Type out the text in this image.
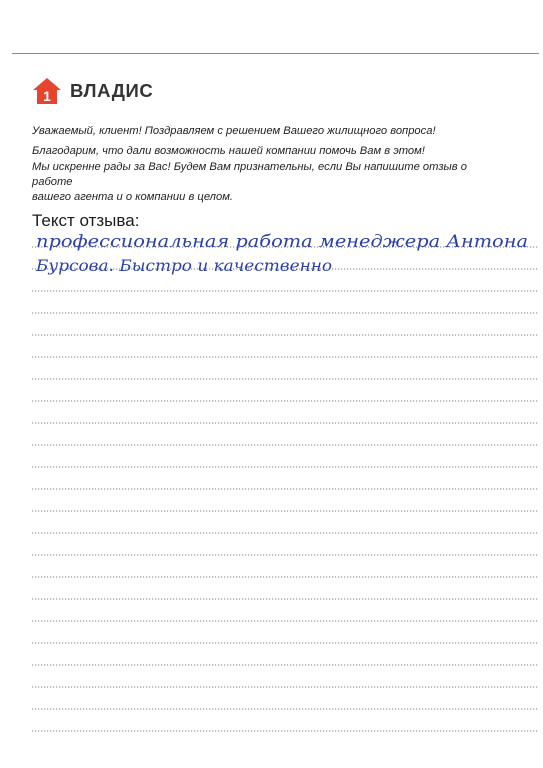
1 ВЛАДИС

Уважаемый, клиент! Поздравляем с решением Вашего жилищного вопроса!

Благодарим, что дали возможность нашей компании помочь Вам в этом!

Мы искренне рады за Вас! Будем Вам признательны, если Вы напишите отзыв о работе

вашего агента и о компании в целом.

Текст отзыва:
профессиональная работа менеджера Антона
Бурсова. Быстро и качественно
